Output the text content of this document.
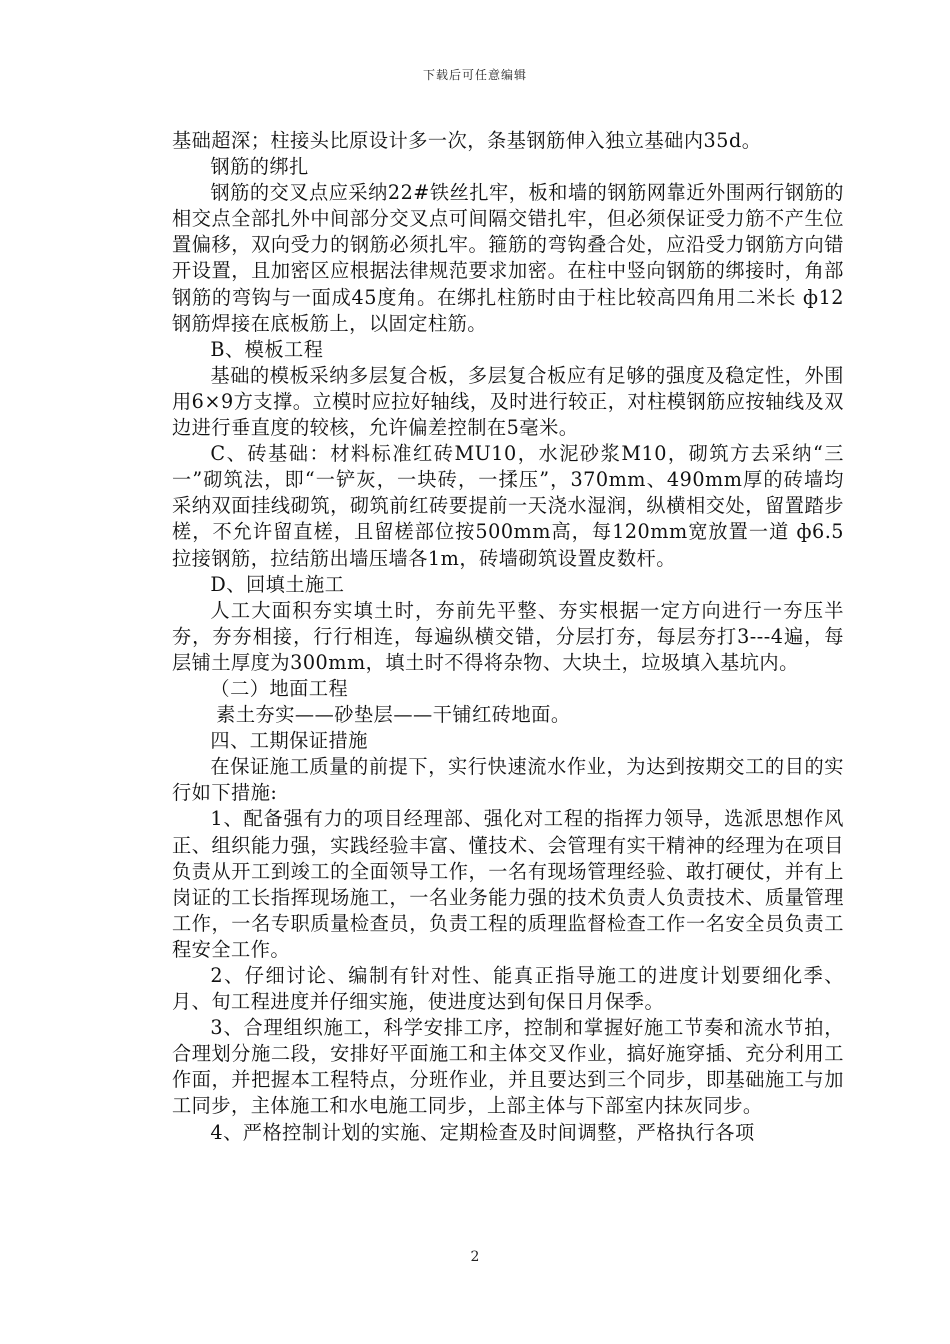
下载后可任意编辑

基础超深；柱接头比原设计多一次，条基钢筋伸入独立基础内35d。

钢筋的绑扎

钢筋的交叉点应采纳22#铁丝扎牢，板和墙的钢筋网靠近外围两行钢筋的相交点全部扎外中间部分交叉点可间隔交错扎牢，但必须保证受力筋不产生位置偏移，双向受力的钢筋必须扎牢。箍筋的弯钩叠合处，应沿受力钢筋方向错开设置，且加密区应根据法律规范要求加密。在柱中竖向钢筋的绑接时，角部钢筋的弯钩与一面成45度角。在绑扎柱筋时由于柱比较高四角用二米长 ф12 钢筋焊接在底板筋上，以固定柱筋。

B、模板工程

基础的模板采纳多层复合板，多层复合板应有足够的强度及稳定性，外围用6×9方支撑。立模时应拉好轴线，及时进行较正，对柱模钢筋应按轴线及双边进行垂直度的较核，允许偏差控制在5毫米。

C、砖基础：材料标准红砖MU10，水泥砂浆M10，砌筑方去采纳“三一”砌筑法，即“一铲灰，一块砖，一揉压”，370mm、490mm厚的砖墙均采纳双面挂线砌筑，砌筑前红砖要提前一天浇水湿润，纵横相交处，留置踏步槎，不允许留直槎，且留槎部位按500mm高，每120mm宽放置一道 ф6.5 拉接钢筋，拉结筋出墙压墙各1m，砖墙砌筑设置皮数杆。

D、回填土施工

人工大面积夯实填土时，夯前先平整、夯实根据一定方向进行一夯压半夯，夯夯相接，行行相连，每遍纵横交错，分层打夯，每层夯打3---4遍，每层铺土厚度为300mm，填土时不得将杂物、大块土，垃圾填入基坑内。

（二）地面工程

素土夯实——砂垫层——干铺红砖地面。

四、工期保证措施

在保证施工质量的前提下，实行快速流水作业，为达到按期交工的目的实行如下措施:

1、配备强有力的项目经理部、强化对工程的指挥力领导，选派思想作风正、组织能力强，实践经验丰富、懂技术、会管理有实干精神的经理为在项目负责从开工到竣工的全面领导工作，一名有现场管理经验、敢打硬仗，并有上岗证的工长指挥现场施工，一名业务能力强的技术负责人负责技术、质量管理工作，一名专职质量检查员，负责工程的质理监督检查工作一名安全员负责工程安全工作。

2、仔细讨论、编制有针对性、能真正指导施工的进度计划要细化季、月、旬工程进度并仔细实施，使进度达到旬保日月保季。

3、合理组织施工，科学安排工序，控制和掌握好施工节奏和流水节拍，合理划分施二段，安排好平面施工和主体交叉作业，搞好施穿插、充分利用工作面，并把握本工程特点，分班作业，并且要达到三个同步，即基础施工与加工同步，主体施工和水电施工同步，上部主体与下部室内抹灰同步。

4、严格控制计划的实施、定期检查及时间调整，严格执行各项

2
